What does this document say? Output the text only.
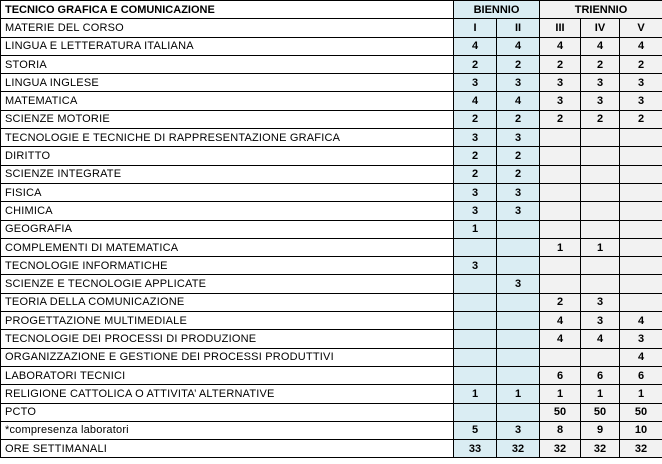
TECNICO GRAFICA E COMUNICAZIONE	BIENNIO		TRIENNIO		
MATERIE DEL CORSO	I	II	III	IV	V
LINGUA E LETTERATURA ITALIANA	4	4	4	4	4
STORIA	2	2	2	2	2
LINGUA INGLESE	3	3	3	3	3
MATEMATICA	4	4	3	3	3
SCIENZE MOTORIE	2	2	2	2	2
TECNOLOGIE E TECNICHE DI RAPPRESENTAZIONE GRAFICA	3	3			
DIRITTO	2	2			
SCIENZE INTEGRATE	2	2			
FISICA	3	3			
CHIMICA	3	3			
GEOGRAFIA	1				
COMPLEMENTI DI MATEMATICA			1	1	
TECNOLOGIE INFORMATICHE	3				
SCIENZE E TECNOLOGIE APPLICATE		3			
TEORIA DELLA COMUNICAZIONE			2	3	
PROGETTAZIONE MULTIMEDIALE			4	3	4
TECNOLOGIE DEI PROCESSI DI PRODUZIONE			4	4	3
ORGANIZZAZIONE E GESTIONE DEI PROCESSI PRODUTTIVI					4
LABORATORI TECNICI			6	6	6
RELIGIONE CATTOLICA O ATTIVITA’ ALTERNATIVE	1	1	1	1	1
PCTO			50	50	50
*compresenza laboratori	5	3	8	9	10
ORE SETTIMANALI	33	32	32	32	32
